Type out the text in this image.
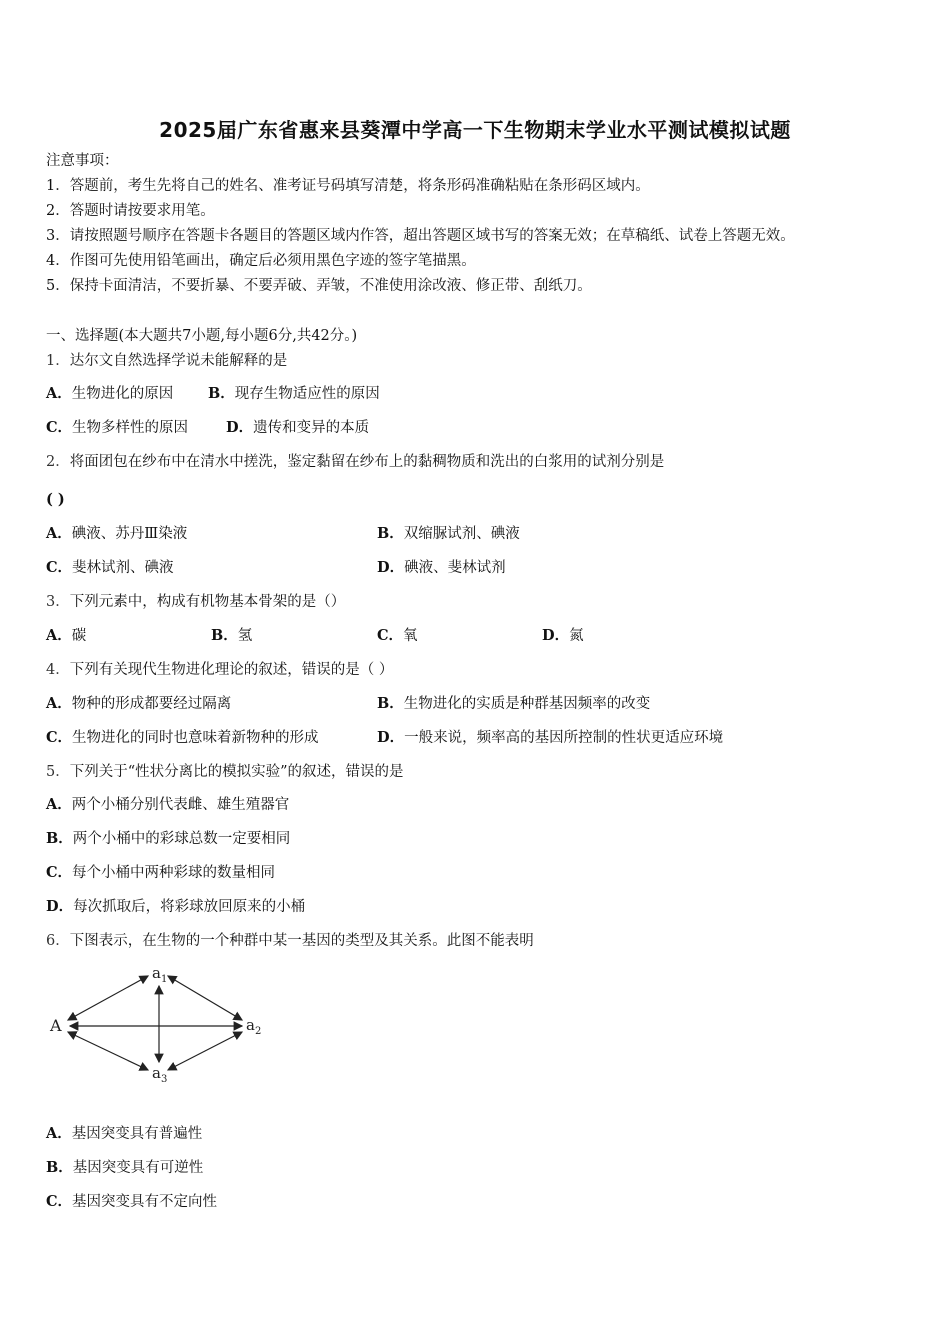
2025届广东省惠来县葵潭中学高一下生物期末学业水平测试模拟试题
注意事项：
1．答题前，考生先将自己的姓名、准考证号码填写清楚，将条形码准确粘贴在条形码区域内。
2．答题时请按要求用笔。
3．请按照题号顺序在答题卡各题目的答题区域内作答，超出答题区域书写的答案无效；在草稿纸、试卷上答题无效。
4．作图可先使用铅笔画出，确定后必须用黑色字迹的签字笔描黑。
5．保持卡面清洁，不要折暴、不要弄破、弄皱，不准使用涂改液、修正带、刮纸刀。
一、选择题(本大题共7小题,每小题6分,共42分。)
1．达尔文自然选择学说未能解释的是
A．生物进化的原因 B．现存生物适应性的原因
C．生物多样性的原因	D．遗传和变异的本质
2．将面团包在纱布中在清水中搓洗，鉴定黏留在纱布上的黏稠物质和洗出的白浆用的试剂分别是
( )
A．碘液、苏丹Ⅲ染液	B．双缩脲试剂、碘液
C．斐林试剂、碘液	D．碘液、斐林试剂
3．下列元素中，构成有机物基本骨架的是（）
A．碳	B．氢	C．氧	D．氮
4．下列有关现代生物进化理论的叙述，错误的是（ ）
A．物种的形成都要经过隔离	B．生物进化的实质是种群基因频率的改变
C．生物进化的同时也意味着新物种的形成	D．一般来说，频率高的基因所控制的性状更适应环境
5．下列关于“性状分离比的模拟实验”的叙述，错误的是
A．两个小桶分别代表雌、雄生殖器官
B．两个小桶中的彩球总数一定要相同
C．每个小桶中两种彩球的数量相同
D．每次抓取后，将彩球放回原来的小桶
6．下图表示，在生物的一个种群中某一基因的类型及其关系。此图不能表明
A
$a_1$
$a_2$
$a_3$
A．基因突变具有普遍性
B．基因突变具有可逆性
C．基因突变具有不定向性
